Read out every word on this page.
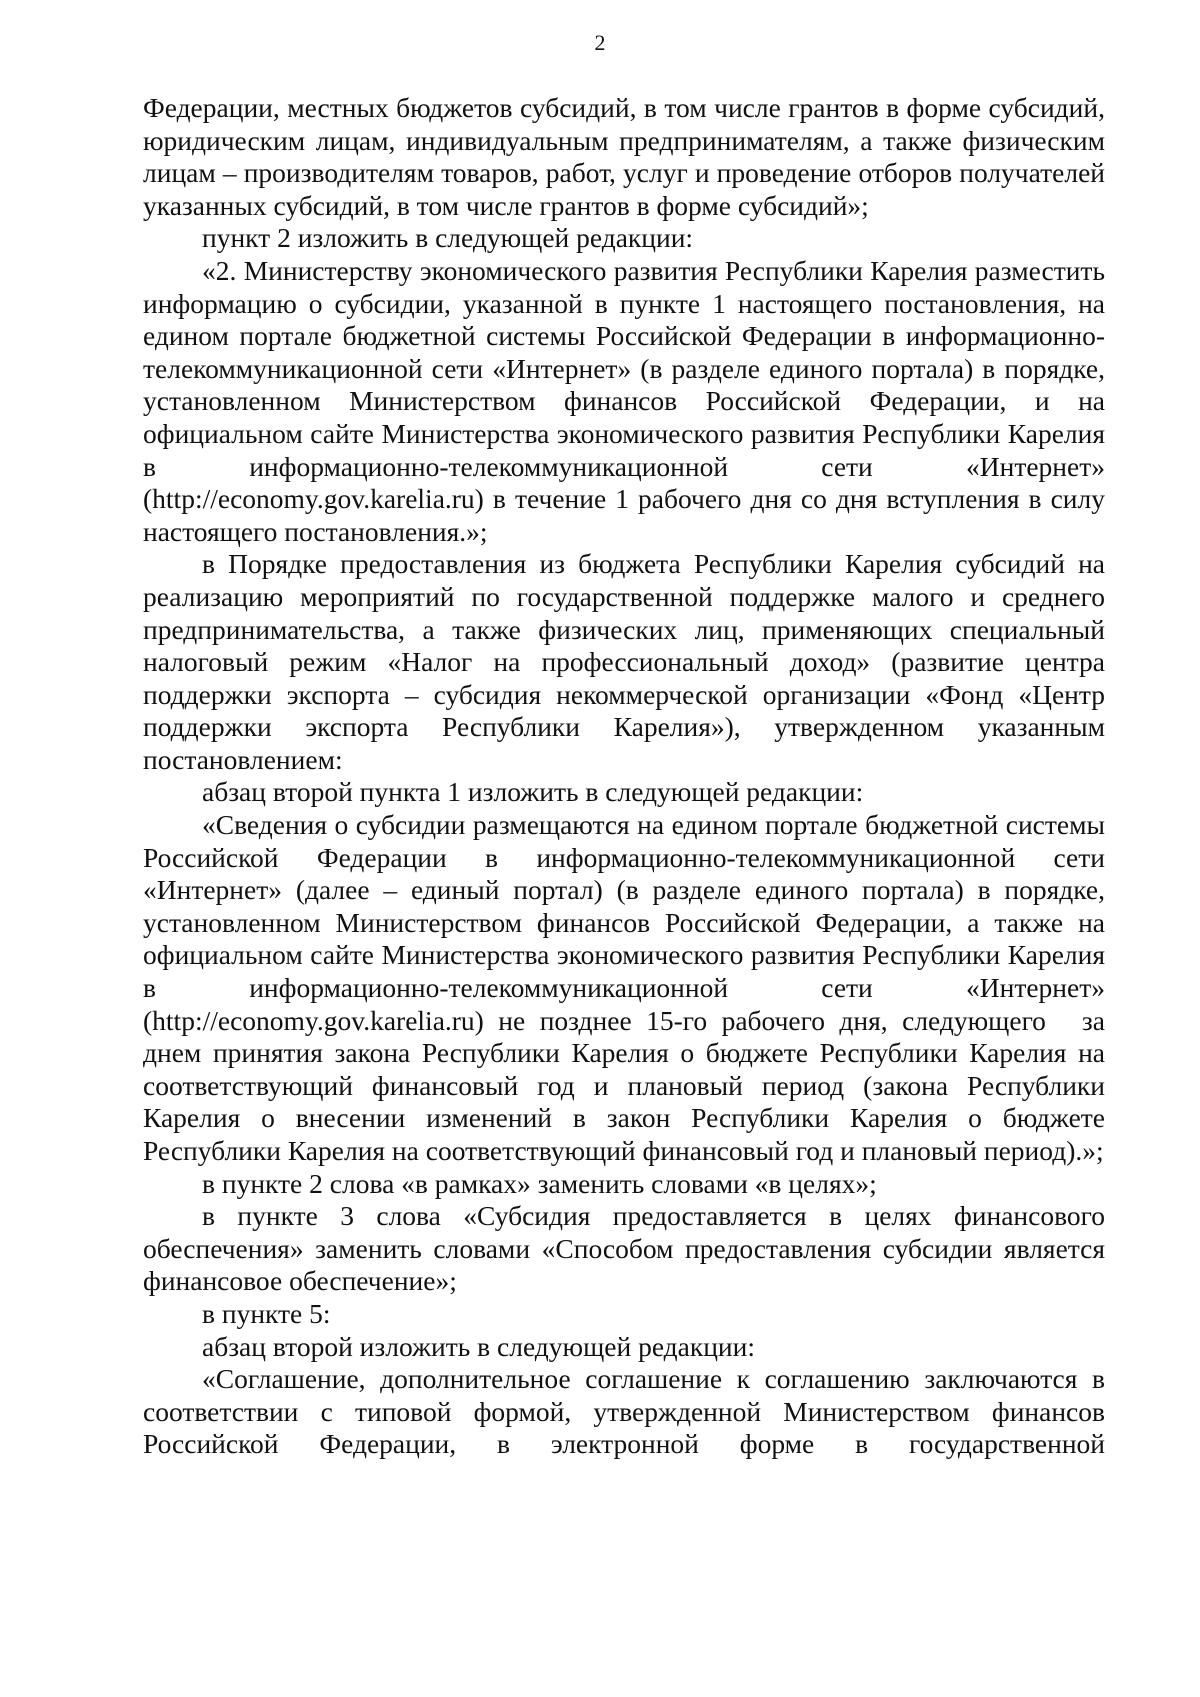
2

Федерации, местных бюджетов субсидий, в том числе грантов в форме субсидий, юридическим лицам, индивидуальным предпринимателям, а также физическим лицам – производителям товаров, работ, услуг и проведение отборов получателей указанных субсидий, в том числе грантов в форме субсидий»;

пункт 2 изложить в следующей редакции:

«2. Министерству экономического развития Республики Карелия разместить информацию о субсидии, указанной в пункте 1 настоящего постановления, на едином портале бюджетной системы Российской Федерации в информационно-телекоммуникационной сети «Интернет» (в разделе единого портала) в порядке, установленном Министерством финансов Российской Федерации, и на официальном сайте Министерства экономического развития Республики Карелия в информационно-телекоммуникационной сети «Интернет» (http://economy.gov.karelia.ru) в течение 1 рабочего дня со дня вступления в силу настоящего постановления.»;

в Порядке предоставления из бюджета Республики Карелия субсидий на реализацию мероприятий по государственной поддержке малого и среднего предпринимательства, а также физических лиц, применяющих специальный налоговый режим «Налог на профессиональный доход» (развитие центра поддержки экспорта – субсидия некоммерческой организации «Фонд «Центр поддержки экспорта Республики Карелия»), утвержденном указанным постановлением:

абзац второй пункта 1 изложить в следующей редакции:

«Сведения о субсидии размещаются на едином портале бюджетной системы Российской Федерации в информационно-телекоммуникационной сети «Интернет» (далее – единый портал) (в разделе единого портала) в порядке, установленном Министерством финансов Российской Федерации, а также на официальном сайте Министерства экономического развития Республики Карелия в информационно-телекоммуникационной сети «Интернет» (http://economy.gov.karelia.ru) не позднее 15-го рабочего дня, следующего за днем принятия закона Республики Карелия о бюджете Республики Карелия на соответствующий финансовый год и плановый период (закона Республики Карелия о внесении изменений в закон Республики Карелия о бюджете Республики Карелия на соответствующий финансовый год и плановый период).»;

в пункте 2 слова «в рамках» заменить словами «в целях»;

в пункте 3 слова «Субсидия предоставляется в целях финансового обеспечения» заменить словами «Способом предоставления субсидии является финансовое обеспечение»;

в пункте 5:

абзац второй изложить в следующей редакции:

«Соглашение, дополнительное соглашение к соглашению заключаются в соответствии с типовой формой, утвержденной Министерством финансов Российской Федерации, в электронной форме в государственной
